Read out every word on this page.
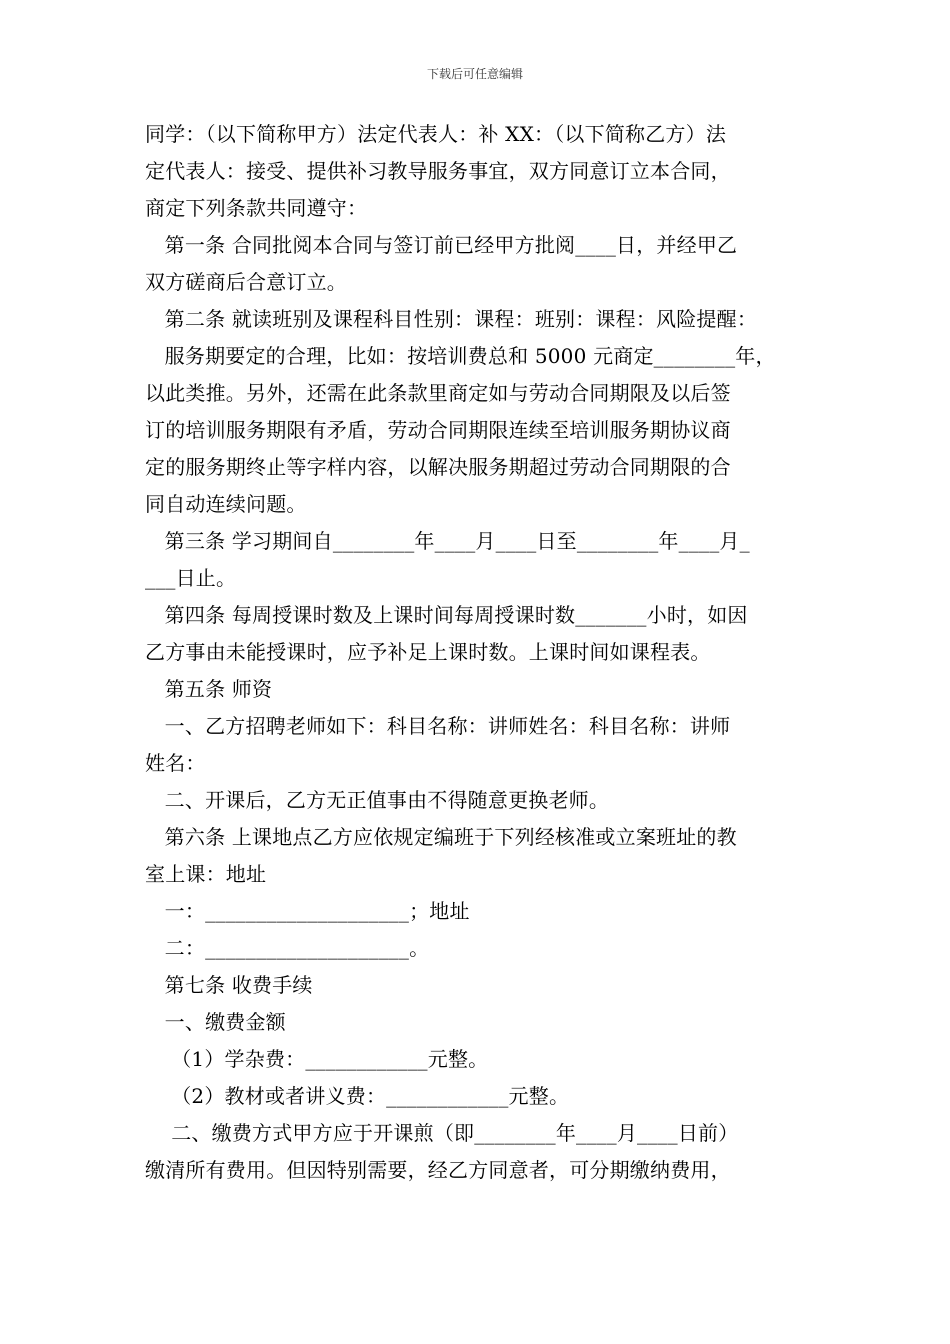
下载后可任意编辑
同学：（以下简称甲方）法定代表人：补 XX：（以下简称乙方）法
定代表人：接受、提供补习教导服务事宜，双方同意订立本合同，
商定下列条款共同遵守：
第一条 合同批阅本合同与签订前已经甲方批阅____日，并经甲乙
双方磋商后合意订立。
第二条 就读班别及课程科目性别：课程：班别：课程：风险提醒：
服务期要定的合理，比如：按培训费总和 5000 元商定________年，
以此类推。另外，还需在此条款里商定如与劳动合同期限及以后签
订的培训服务期限有矛盾，劳动合同期限连续至培训服务期协议商
定的服务期终止等字样内容，以解决服务期超过劳动合同期限的合
同自动连续问题。
第三条 学习期间自________年____月____日至________年____月_
___日止。
第四条 每周授课时数及上课时间每周授课时数_______小时，如因
乙方事由未能授课时，应予补足上课时数。上课时间如课程表。
第五条 师资
一、乙方招聘老师如下：科目名称：讲师姓名：科目名称：讲师
姓名：
二、开课后，乙方无正值事由不得随意更换老师。
第六条 上课地点乙方应依规定编班于下列经核准或立案班址的教
室上课：地址
一：____________________；地址
二：____________________。
第七条 收费手续
一、缴费金额
（1）学杂费：____________元整。
（2）教材或者讲义费：____________元整。
二、缴费方式甲方应于开课煎（即________年____月____日前）
缴清所有费用。但因特别需要，经乙方同意者，可分期缴纳费用，
